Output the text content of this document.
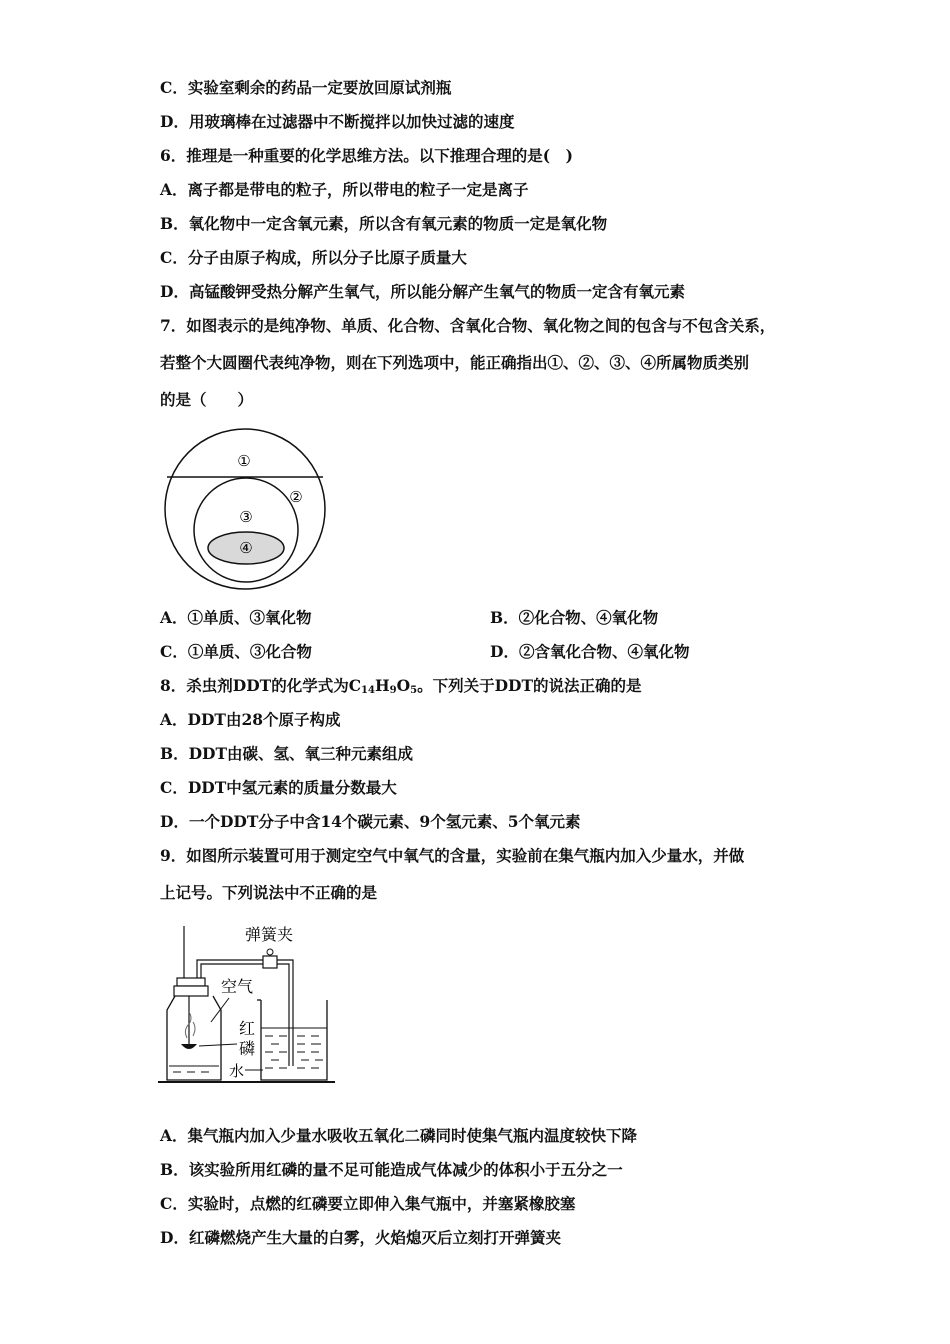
C．实验室剩余的药品一定要放回原试剂瓶
D．用玻璃棒在过滤器中不断搅拌以加快过滤的速度
6．推理是一种重要的化学思维方法。以下推理合理的是(　)
A．离子都是带电的粒子，所以带电的粒子一定是离子
B．氧化物中一定含氧元素，所以含有氧元素的物质一定是氧化物
C．分子由原子构成，所以分子比原子质量大
D．高锰酸钾受热分解产生氧气，所以能分解产生氧气的物质一定含有氧元素
7．如图表示的是纯净物、单质、化合物、含氧化合物、氧化物之间的包含与不包含关系，
若整个大圆圈代表纯净物，则在下列选项中，能正确指出①、②、③、④所属物质类别
的是（　　）
①
②
③
④
A．①单质、③氧化物	B．②化合物、④氧化物
C．①单质、③化合物	D．②含氧化合物、④氧化物
8．杀虫剂DDT的化学式为$C_{14}H_9O_5$。下列关于DDT的说法正确的是
A．DDT由28个原子构成
B．DDT由碳、氢、氧三种元素组成
C．DDT中氢元素的质量分数最大
D．一个DDT分子中含14个碳元素、9个氢元素、5个氧元素
9．如图所示装置可用于测定空气中氧气的含量，实验前在集气瓶内加入少量水，并做
上记号。下列说法中不正确的是
弹簧夹
空气
红
磷
水
A．集气瓶内加入少量水吸收五氧化二磷同时使集气瓶内温度较快下降
B．该实验所用红磷的量不足可能造成气体减少的体积小于五分之一
C．实验时，点燃的红磷要立即伸入集气瓶中，并塞紧橡胶塞
D．红磷燃烧产生大量的白雾，火焰熄灭后立刻打开弹簧夹
